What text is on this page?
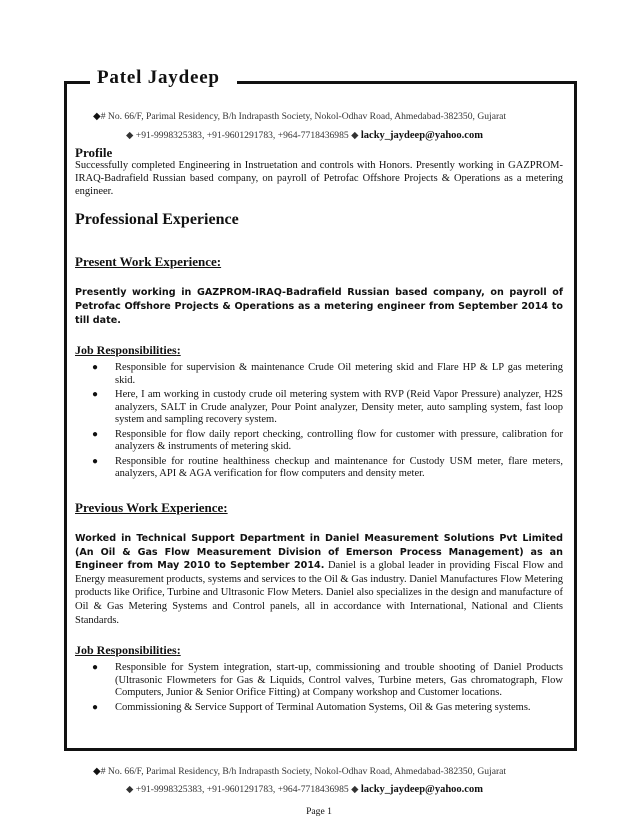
Patel Jaydeep
◆# No. 66/F, Parimal Residency, B/h Indrapasth Society, Nokol-Odhav Road, Ahmedabad-382350, Gujarat
◆ +91-9998325383, +91-9601291783, +964-7718436985 ◆ lacky_jaydeep@yahoo.com
Profile
Successfully completed Engineering in Instruetation and controls with Honors. Presently working in GAZPROM-IRAQ-Badrafield Russian based company, on payroll of Petrofac Offshore Projects & Operations as a metering engineer.
Professional Experience
Present Work Experience:
Presently working in GAZPROM-IRAQ-Badrafield Russian based company, on payroll of Petrofac Offshore Projects & Operations as a metering engineer from September 2014 to till date.
Job Responsibilities:
● Responsible for supervision & maintenance Crude Oil metering skid and Flare HP & LP gas metering skid.
● Here, I am working in custody crude oil metering system with RVP (Reid Vapor Pressure) analyzer, H2S analyzers, SALT in Crude analyzer, Pour Point analyzer, Density meter, auto sampling system, fast loop system and sampling recovery system.
● Responsible for flow daily report checking, controlling flow for customer with pressure, calibration for analyzers & instruments of metering skid.
● Responsible for routine healthiness checkup and maintenance for Custody USM meter, flare meters, analyzers, API & AGA verification for flow computers and density meter.
Previous Work Experience:
Worked in Technical Support Department in Daniel Measurement Solutions Pvt Limited (An Oil & Gas Flow Measurement Division of Emerson Process Management) as an Engineer from May 2010 to September 2014. Daniel is a global leader in providing Fiscal Flow and Energy measurement products, systems and services to the Oil & Gas industry. Daniel Manufactures Flow Metering products like Orifice, Turbine and Ultrasonic Flow Meters. Daniel also specializes in the design and manufacture of Oil & Gas Metering Systems and Control panels, all in accordance with International, National and Clients Standards.
Job Responsibilities:
● Responsible for System integration, start-up, commissioning and trouble shooting of Daniel Products (Ultrasonic Flowmeters for Gas & Liquids, Control valves, Turbine meters, Gas chromatograph, Flow Computers, Junior & Senior Orifice Fitting) at Company workshop and Customer locations.
● Commissioning & Service Support of Terminal Automation Systems, Oil & Gas metering systems.
◆# No. 66/F, Parimal Residency, B/h Indrapasth Society, Nokol-Odhav Road, Ahmedabad-382350, Gujarat
◆ +91-9998325383, +91-9601291783, +964-7718436985 ◆ lacky_jaydeep@yahoo.com
Page 1
